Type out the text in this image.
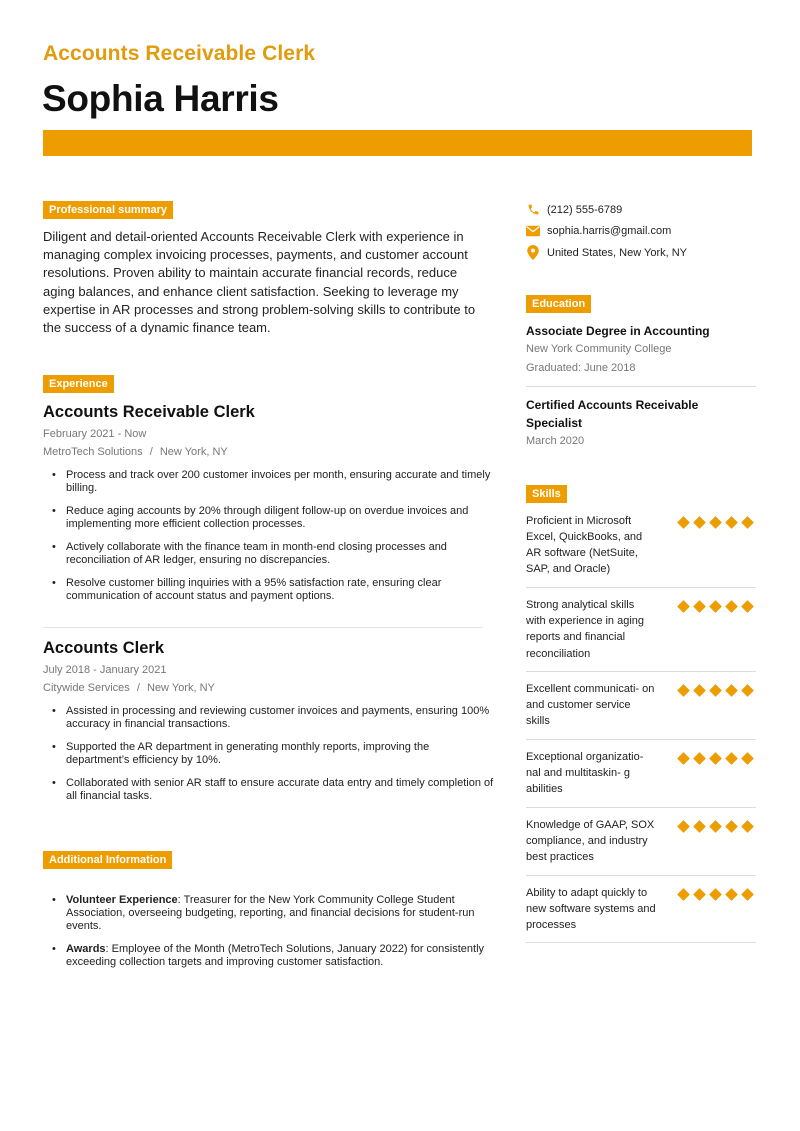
Accounts Receivable Clerk
Sophia Harris
Professional summary

Diligent and detail-oriented Accounts Receivable Clerk with experience in managing complex invoicing processes, payments, and customer account resolutions. Proven ability to maintain accurate financial records, reduce aging balances, and enhance client satisfaction. Seeking to leverage my expertise in AR processes and strong problem-solving skills to contribute to the success of a dynamic finance team.

Experience
Accounts Receivable Clerk
February 2021 - Now
MetroTech Solutions / New York, NY
• Process and track over 200 customer invoices per month, ensuring accurate and timely billing.
• Reduce aging accounts by 20% through diligent follow-up on overdue invoices and implementing more efficient collection processes.
• Actively collaborate with the finance team in month-end closing processes and reconciliation of AR ledger, ensuring no discrepancies.
• Resolve customer billing inquiries with a 95% satisfaction rate, ensuring clear communication of account status and payment options.
Accounts Clerk
July 2018 - January 2021
Citywide Services / New York, NY
• Assisted in processing and reviewing customer invoices and payments, ensuring 100% accuracy in financial transactions.
• Supported the AR department in generating monthly reports, improving the department’s efficiency by 10%.
• Collaborated with senior AR staff to ensure accurate data entry and timely completion of all financial tasks.
Additional Information
• Volunteer Experience: Treasurer for the New York Community College Student Association, overseeing budgeting, reporting, and financial decisions for student-run events.
• Awards: Employee of the Month (MetroTech Solutions, January 2022) for consistently exceeding collection targets and improving customer satisfaction.
(212) 555-6789
sophia.harris@gmail.com
United States, New York, NY
Education
Associate Degree in Accounting
New York Community College
Graduated: June 2018
Certified Accounts Receivable Specialist
March 2020
Skills
Proficient in Microsoft Excel, QuickBooks, and AR software (NetSuite, SAP, and Oracle)
Strong analytical skills with experience in aging reports and financial reconciliation
Excellent communicati- on and customer service skills
Exceptional organizatio- nal and multitaskin- g abilities
Knowledge of GAAP, SOX compliance, and industry best practices
Ability to adapt quickly to new software systems and processes
